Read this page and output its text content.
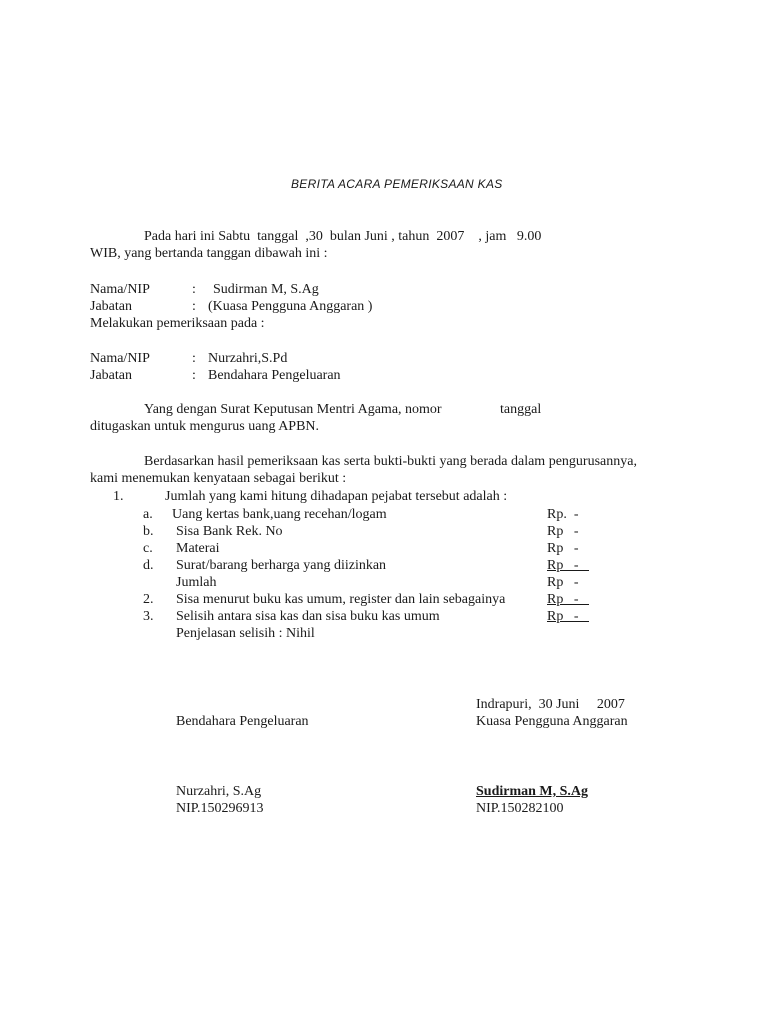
BERITA ACARA PEMERIKSAAN KAS
Pada hari ini Sabtu  tanggal  ,30  bulan Juni , tahun  2007    , jam   9.00
WIB, yang bertanda tanggan dibawah ini :
Nama/NIP	: Sudirman M, S.Ag
Jabatan	: (Kuasa Pengguna Anggaran )
Melakukan pemeriksaan pada :
Nama/NIP	: Nurzahri,S.Pd
Jabatan	: Bendahara Pengeluaran
Yang dengan Surat Keputusan Mentri Agama, nomor	tanggal
ditugaskan untuk mengurus uang APBN.
Berdasarkan hasil pemeriksaan kas serta bukti-bukti yang berada dalam pengurusannya,
kami menemukan kenyataan sebagai berikut :
1.	Jumlah yang kami hitung dihadapan pejabat tersebut adalah :
a. Uang kertas bank,uang recehan/logam	Rp.  -
b. Sisa Bank Rek. No	Rp   -
c. Materai	Rp   -
d. Surat/barang berharga yang diizinkan	Rp   -
Jumlah	Rp   -
2. Sisa menurut buku kas umum, register dan lain sebagainya	Rp   -
3. Selisih antara sisa kas dan sisa buku kas umum	Rp   -
Penjelasan selisih : Nihil
Indrapuri,  30 Juni     2007
Bendahara Pengeluaran	Kuasa Pengguna Anggaran
Nurzahri, S.Ag	Sudirman M, S.Ag
NIP.150296913	NIP.150282100
